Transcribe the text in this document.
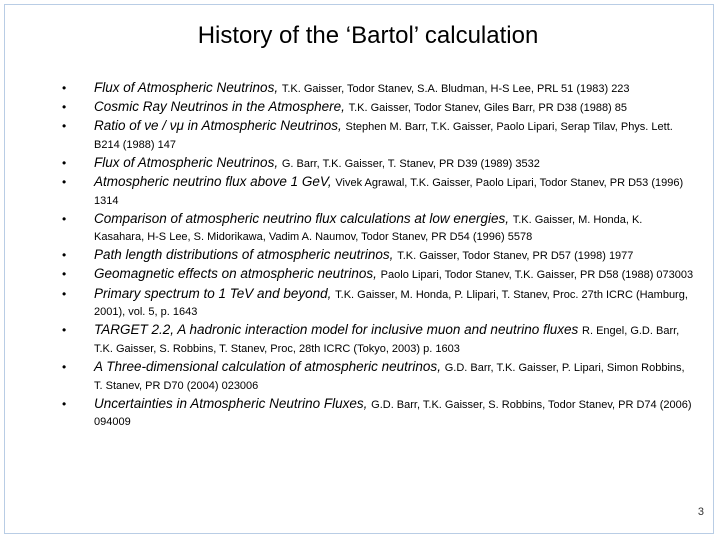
History of the ‘Bartol’ calculation
• Flux of Atmospheric Neutrinos, T.K. Gaisser, Todor Stanev, S.A. Bludman, H-S Lee, PRL 51 (1983) 223
• Cosmic Ray Neutrinos in the Atmosphere, T.K. Gaisser, Todor Stanev, Giles Barr, PR D38 (1988) 85
• Ratio of νe / νμ in Atmospheric Neutrinos, Stephen M. Barr, T.K. Gaisser, Paolo Lipari, Serap Tilav, Phys. Lett. B214 (1988) 147
• Flux of Atmospheric Neutrinos, G. Barr, T.K. Gaisser, T. Stanev, PR D39 (1989) 3532
• Atmospheric neutrino flux above 1 GeV, Vivek Agrawal, T.K. Gaisser, Paolo Lipari, Todor Stanev, PR D53 (1996) 1314
• Comparison of atmospheric neutrino flux calculations at low energies, T.K. Gaisser, M. Honda, K. Kasahara, H-S Lee, S. Midorikawa, Vadim A. Naumov, Todor Stanev, PR D54 (1996) 5578
• Path length distributions of atmospheric neutrinos, T.K. Gaisser, Todor Stanev, PR D57 (1998) 1977
• Geomagnetic effects on atmospheric neutrinos, Paolo Lipari, Todor Stanev, T.K. Gaisser, PR D58 (1988) 073003
• Primary spectrum to 1 TeV and beyond, T.K. Gaisser, M. Honda, P. Llipari, T. Stanev, Proc. 27th ICRC (Hamburg, 2001), vol. 5, p. 1643
• TARGET 2.2, A hadronic interaction model for inclusive muon and neutrino fluxes R. Engel, G.D. Barr, T.K. Gaisser, S. Robbins, T. Stanev, Proc, 28th ICRC (Tokyo, 2003) p. 1603
• A Three-dimensional calculation of atmospheric neutrinos, G.D. Barr, T.K. Gaisser, P. Lipari, Simon Robbins, T. Stanev, PR D70 (2004) 023006
• Uncertainties in Atmospheric Neutrino Fluxes, G.D. Barr, T.K. Gaisser, S. Robbins, Todor Stanev, PR D74 (2006) 094009
3
